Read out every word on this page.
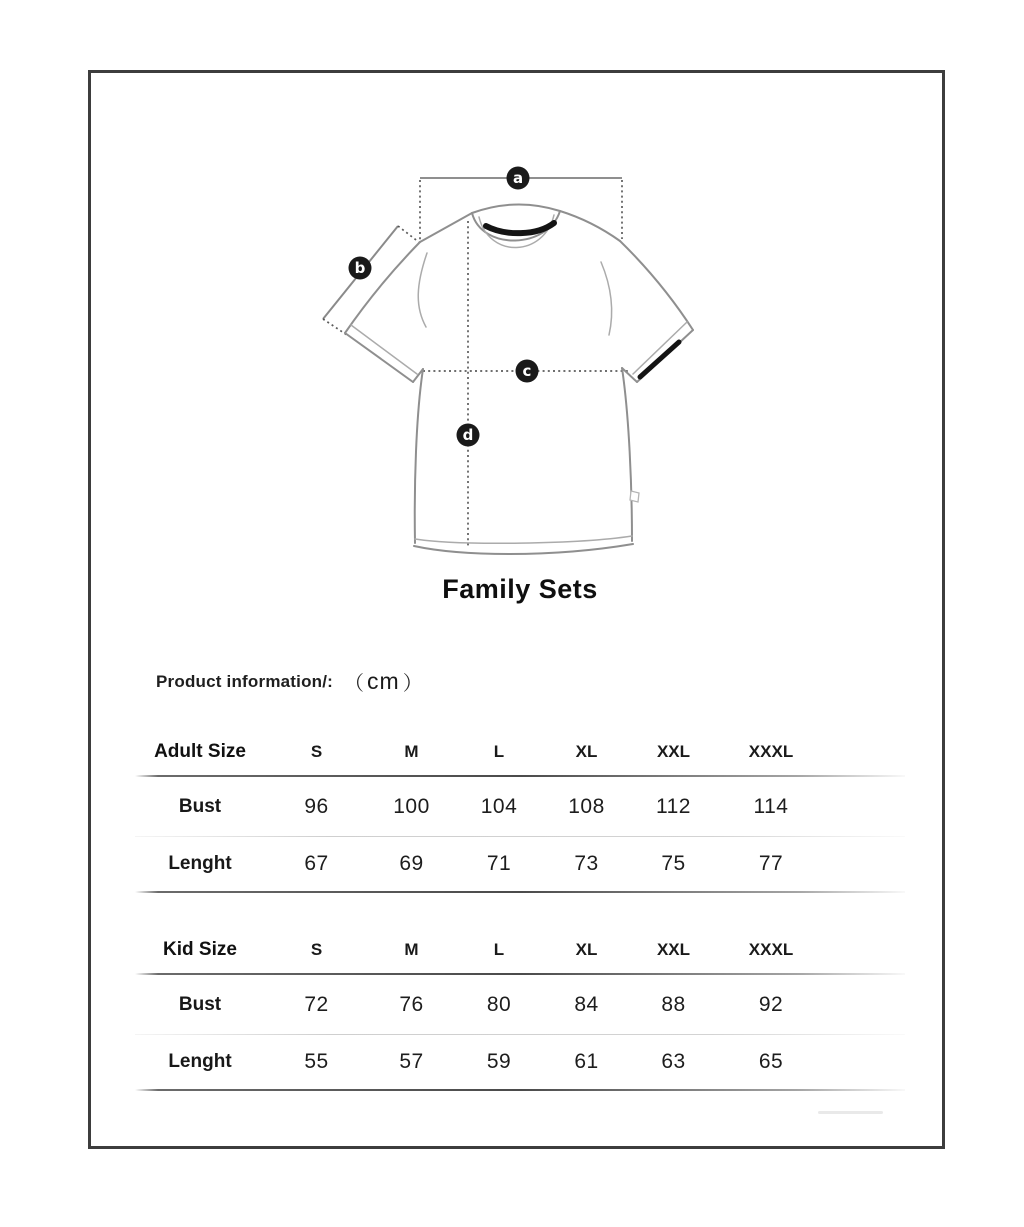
a
b
c
d
Family Sets
Product information/: （ cm ）
Adult Size	S	M	L	XL	XXL	XXXL
Bust	96	100	104	108	112	114
Lenght	67	69	71	73	75	77
Kid Size	S	M	L	XL	XXL	XXXL
Bust	72	76	80	84	88	92
Lenght	55	57	59	61	63	65
